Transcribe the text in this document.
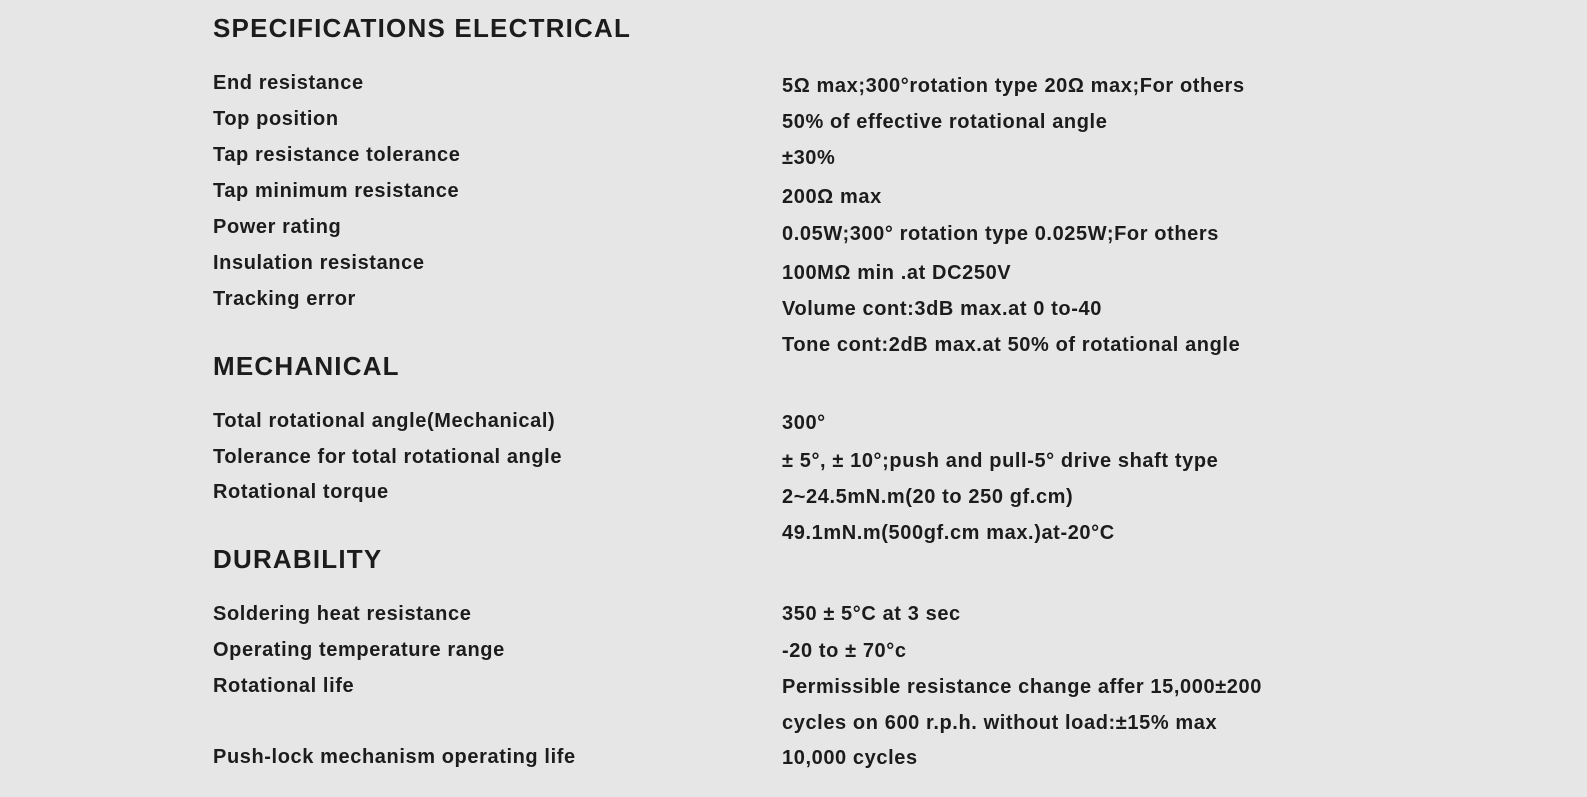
SPECIFICATIONS ELECTRICAL
End resistance	5Ω max;300°rotation type 20Ω max;For others
Top position	50% of effective rotational angle
Tap resistance tolerance	±30%
Tap minimum resistance	200Ω max
Power rating	0.05W;300° rotation type 0.025W;For others
Insulation resistance	100MΩ min .at DC250V
Tracking error	Volume cont:3dB max.at 0 to-40
Tone cont:2dB max.at 50% of rotational angle
MECHANICAL
Total rotational angle(Mechanical)	300°
Tolerance for total rotational angle	± 5°, ± 10°;push and pull-5° drive shaft type
Rotational torque	2~24.5mN.m(20 to 250 gf.cm)
49.1mN.m(500gf.cm max.)at-20°C
DURABILITY
Soldering heat resistance	350 ± 5°C at 3 sec
Operating temperature range	-20 to ± 70°c
Rotational life	Permissible resistance change affer 15,000±200
cycles on 600 r.p.h. without load:±15% max
Push-lock mechanism operating life	10,000 cycles
